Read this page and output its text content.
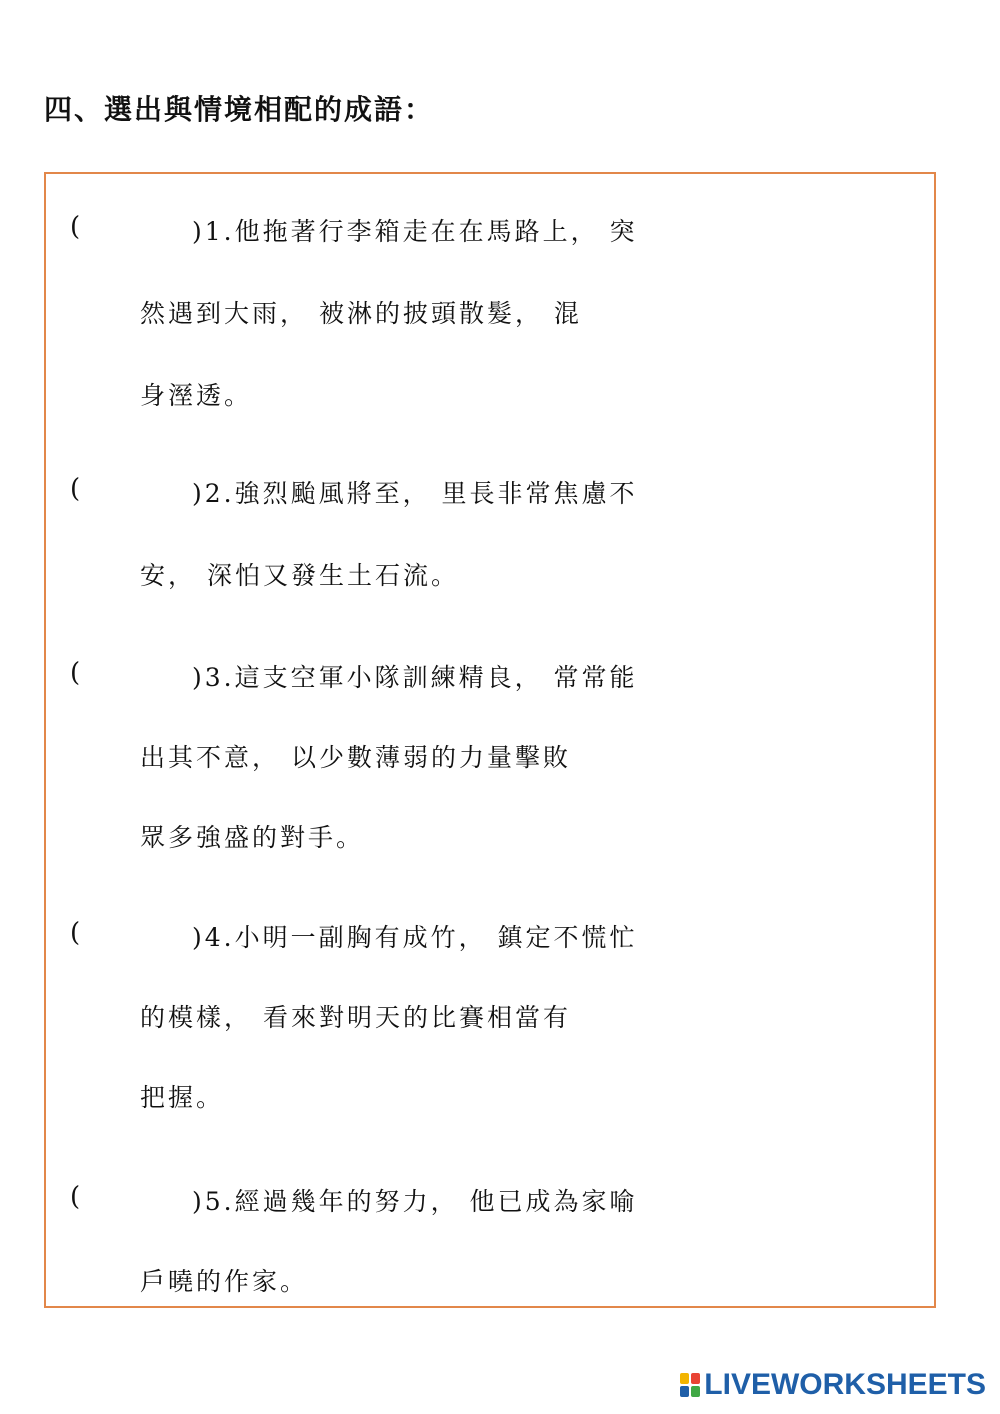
四、選出與情境相配的成語：
(	)1.他拖著行李箱走在在馬路上， 突
然遇到大雨， 被淋的披頭散髮， 混
身溼透。
(	)2.強烈颱風將至， 里長非常焦慮不
安， 深怕又發生土石流。
(	)3.這支空軍小隊訓練精良， 常常能
出其不意， 以少數薄弱的力量擊敗
眾多強盛的對手。
(	)4.小明一副胸有成竹， 鎮定不慌忙
的模樣， 看來對明天的比賽相當有
把握。
(	)5.經過幾年的努力， 他已成為家喻
戶曉的作家。
LIVEWORKSHEETS
